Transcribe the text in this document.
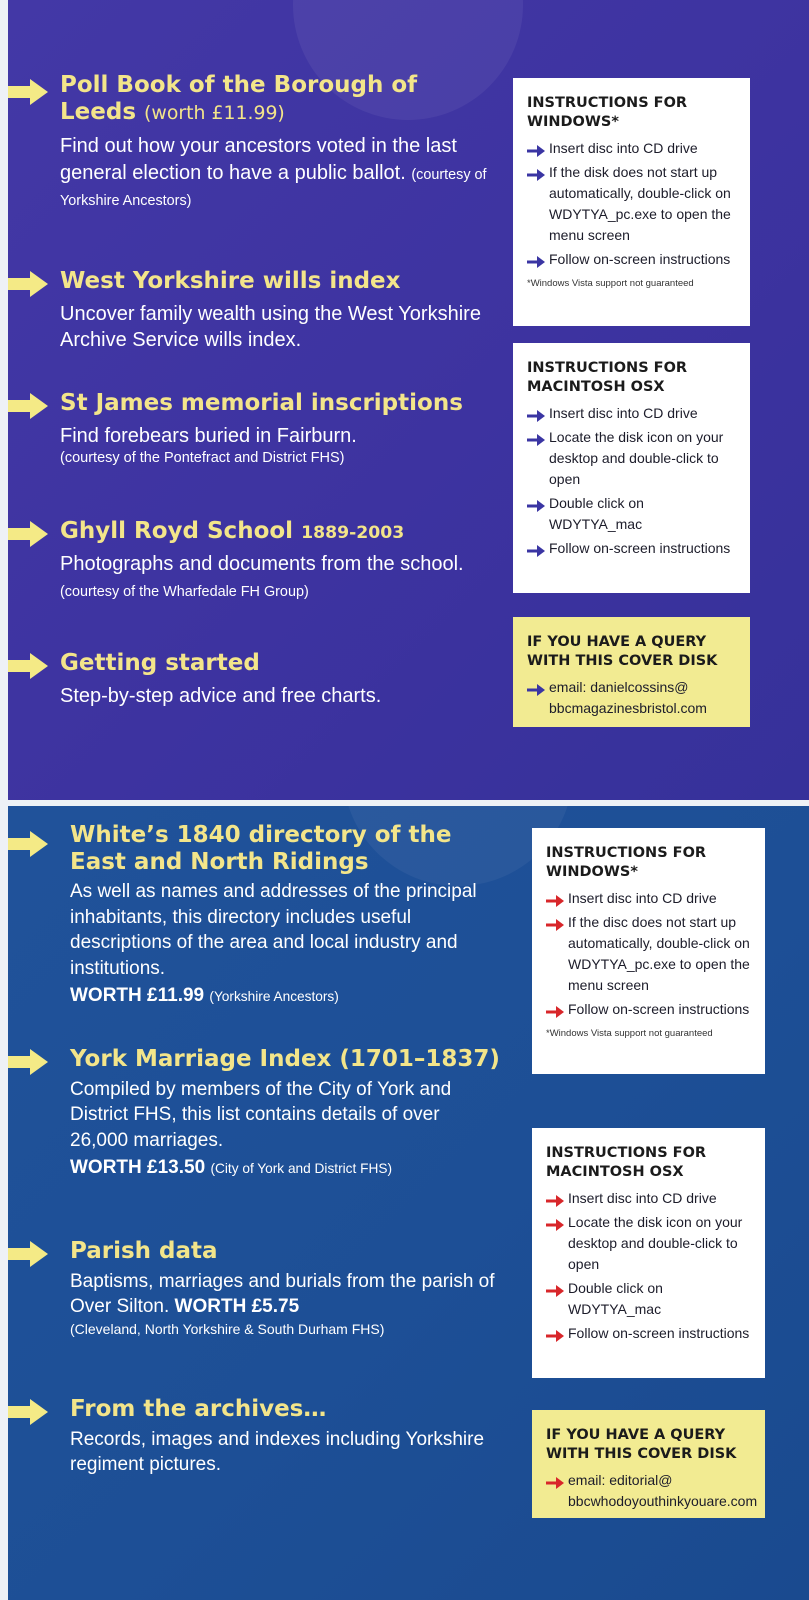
Poll Book of the Borough of Leeds (worth £11.99)

Find out how your ancestors voted in the last general election to have a public ballot. (courtesy of Yorkshire Ancestors)

West Yorkshire wills index

Uncover family wealth using the West Yorkshire Archive Service wills index.

St James memorial inscriptions

Find forebears buried in Fairburn.

(courtesy of the Pontefract and District FHS)

Ghyll Royd School 1889-2003

Photographs and documents from the school. (courtesy of the Wharfedale FH Group)

Getting started

Step-by-step advice and free charts.

INSTRUCTIONS FOR WINDOWS*
Insert disc into CD drive
If the disk does not start up automatically, double-click on WDYTYA_pc.exe to open the menu screen
Follow on-screen instructions
*Windows Vista support not guaranteed
INSTRUCTIONS FOR MACINTOSH OSX
Insert disc into CD drive
Locate the disk icon on your desktop and double-click to open
Double click on WDYTYA_mac
Follow on-screen instructions
IF YOU HAVE A QUERY WITH THIS COVER DISK
email: danielcossins@ bbcmagazinesbristol.com

White’s 1840 directory of the East and North Ridings

As well as names and addresses of the principal inhabitants, this directory includes useful descriptions of the area and local industry and institutions.

WORTH £11.99 (Yorkshire Ancestors)

York Marriage Index (1701–1837)

Compiled by members of the City of York and District FHS, this list contains details of over 26,000 marriages.

WORTH £13.50 (City of York and District FHS)

Parish data

Baptisms, marriages and burials from the parish of Over Silton. WORTH £5.75

(Cleveland, North Yorkshire & South Durham FHS)

From the archives…

Records, images and indexes including Yorkshire regiment pictures.

INSTRUCTIONS FOR WINDOWS*
Insert disc into CD drive
If the disc does not start up automatically, double-click on WDYTYA_pc.exe to open the menu screen
Follow on-screen instructions
*Windows Vista support not guaranteed
INSTRUCTIONS FOR MACINTOSH OSX
Insert disc into CD drive
Locate the disk icon on your desktop and double-click to open
Double click on WDYTYA_mac
Follow on-screen instructions
IF YOU HAVE A QUERY WITH THIS COVER DISK
email: editorial@ bbcwhodoyouthinkyouare.com
